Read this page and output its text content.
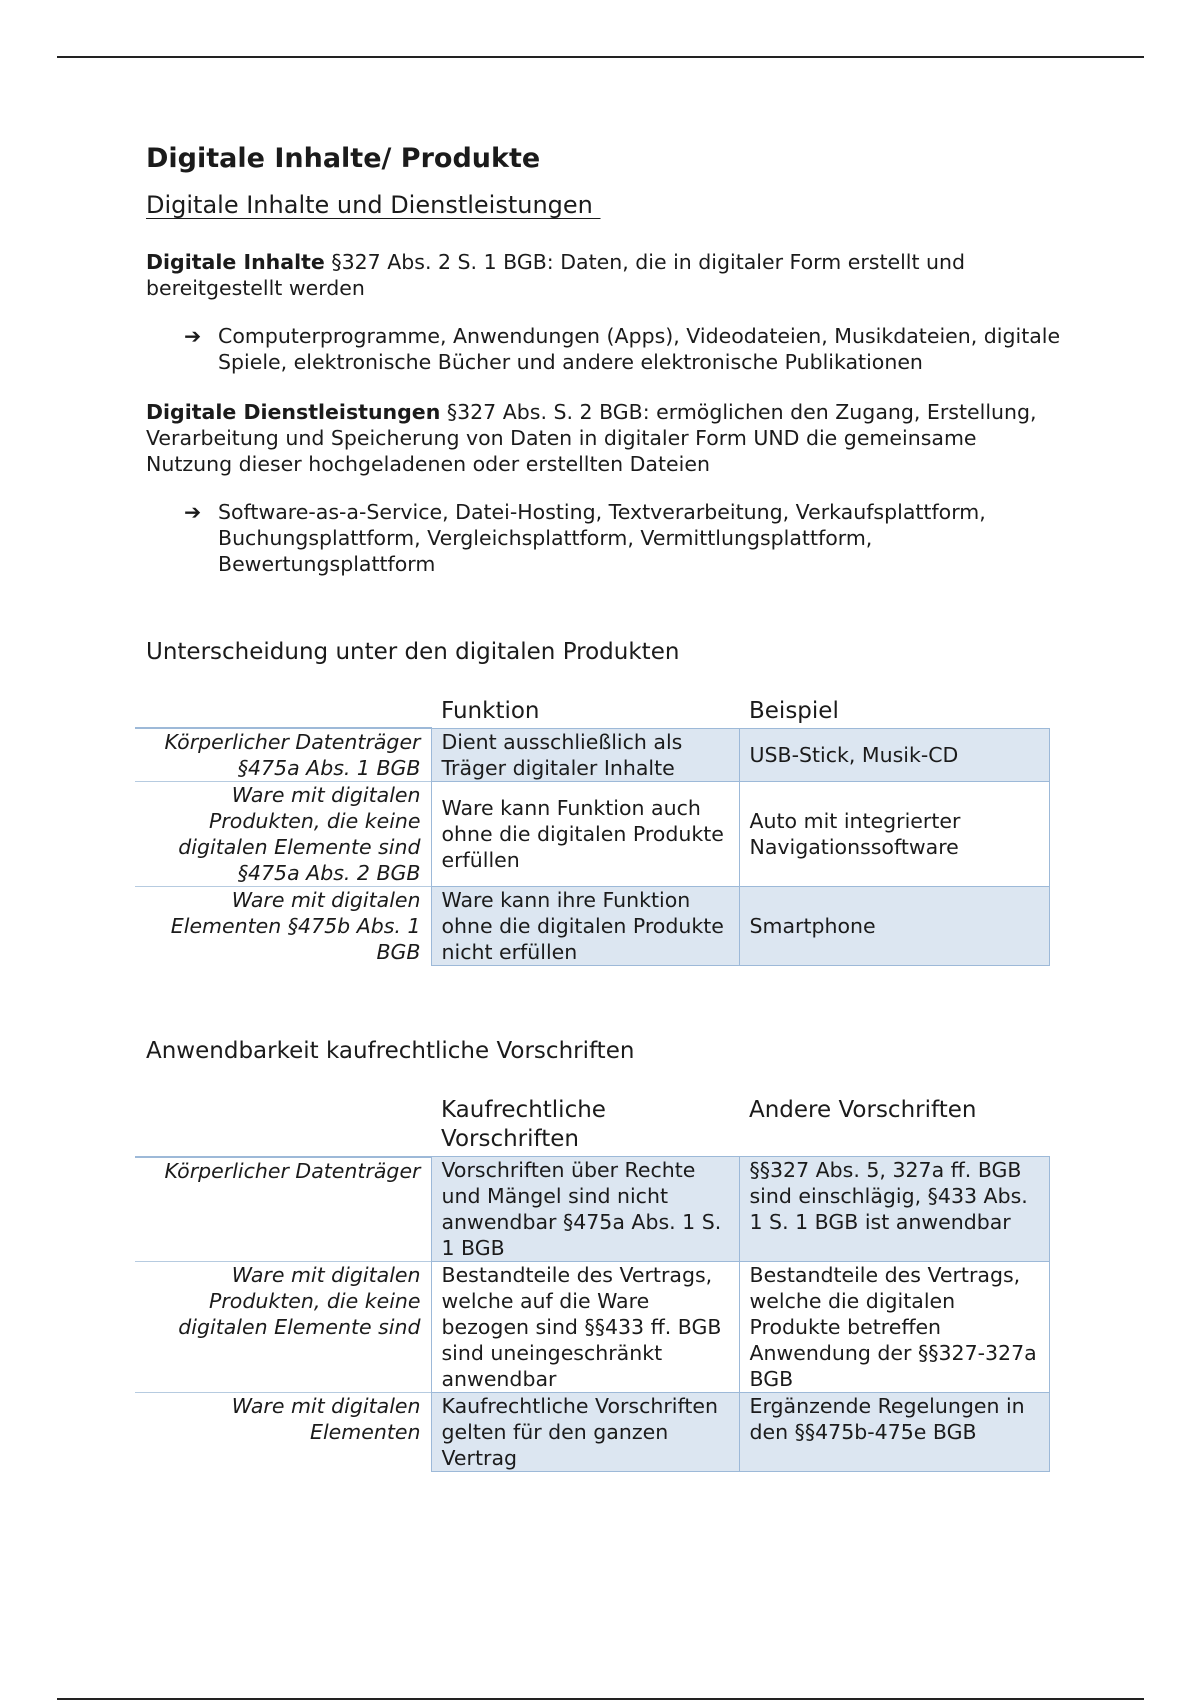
Digitale Inhalte/ Produkte
Digitale Inhalte und Dienstleistungen

Digitale Inhalte §327 Abs. 2 S. 1 BGB: Daten, die in digitaler Form erstellt und bereitgestellt werden

➔ Computerprogramme, Anwendungen (Apps), Videodateien, Musikdateien, digitale Spiele, elektronische Bücher und andere elektronische Publikationen

Digitale Dienstleistungen §327 Abs. S. 2 BGB: ermöglichen den Zugang, Erstellung, Verarbeitung und Speicherung von Daten in digitaler Form UND die gemeinsame Nutzung dieser hochgeladenen oder erstellten Dateien

➔ Software-as-a-Service, Datei-Hosting, Textverarbeitung, Verkaufsplattform, Buchungsplattform, Vergleichsplattform, Vermittlungsplattform, Bewertungsplattform
Unterscheidung unter den digitalen Produkten
	Funktion	Beispiel
Körperlicher Datenträger §475a Abs. 1 BGB	Dient ausschließlich als Träger digitaler Inhalte	USB-Stick, Musik-CD
Ware mit digitalen Produkten, die keine digitalen Elemente sind §475a Abs. 2 BGB	Ware kann Funktion auch ohne die digitalen Produkte erfüllen	Auto mit integrierter Navigationssoftware
Ware mit digitalen Elementen §475b Abs. 1 BGB	Ware kann ihre Funktion ohne die digitalen Produkte nicht erfüllen	Smartphone
Anwendbarkeit kaufrechtliche Vorschriften
	Kaufrechtliche Vorschriften	Andere Vorschriften
Körperlicher Datenträger	Vorschriften über Rechte und Mängel sind nicht anwendbar §475a Abs. 1 S. 1 BGB	§§327 Abs. 5, 327a ff. BGB sind einschlägig, §433 Abs. 1 S. 1 BGB ist anwendbar
Ware mit digitalen Produkten, die keine digitalen Elemente sind	Bestandteile des Vertrags, welche auf die Ware bezogen sind §§433 ff. BGB sind uneingeschränkt anwendbar	Bestandteile des Vertrags, welche die digitalen Produkte betreffen Anwendung der §§327-327a BGB
Ware mit digitalen Elementen	Kaufrechtliche Vorschriften gelten für den ganzen Vertrag	Ergänzende Regelungen in den §§475b-475e BGB
